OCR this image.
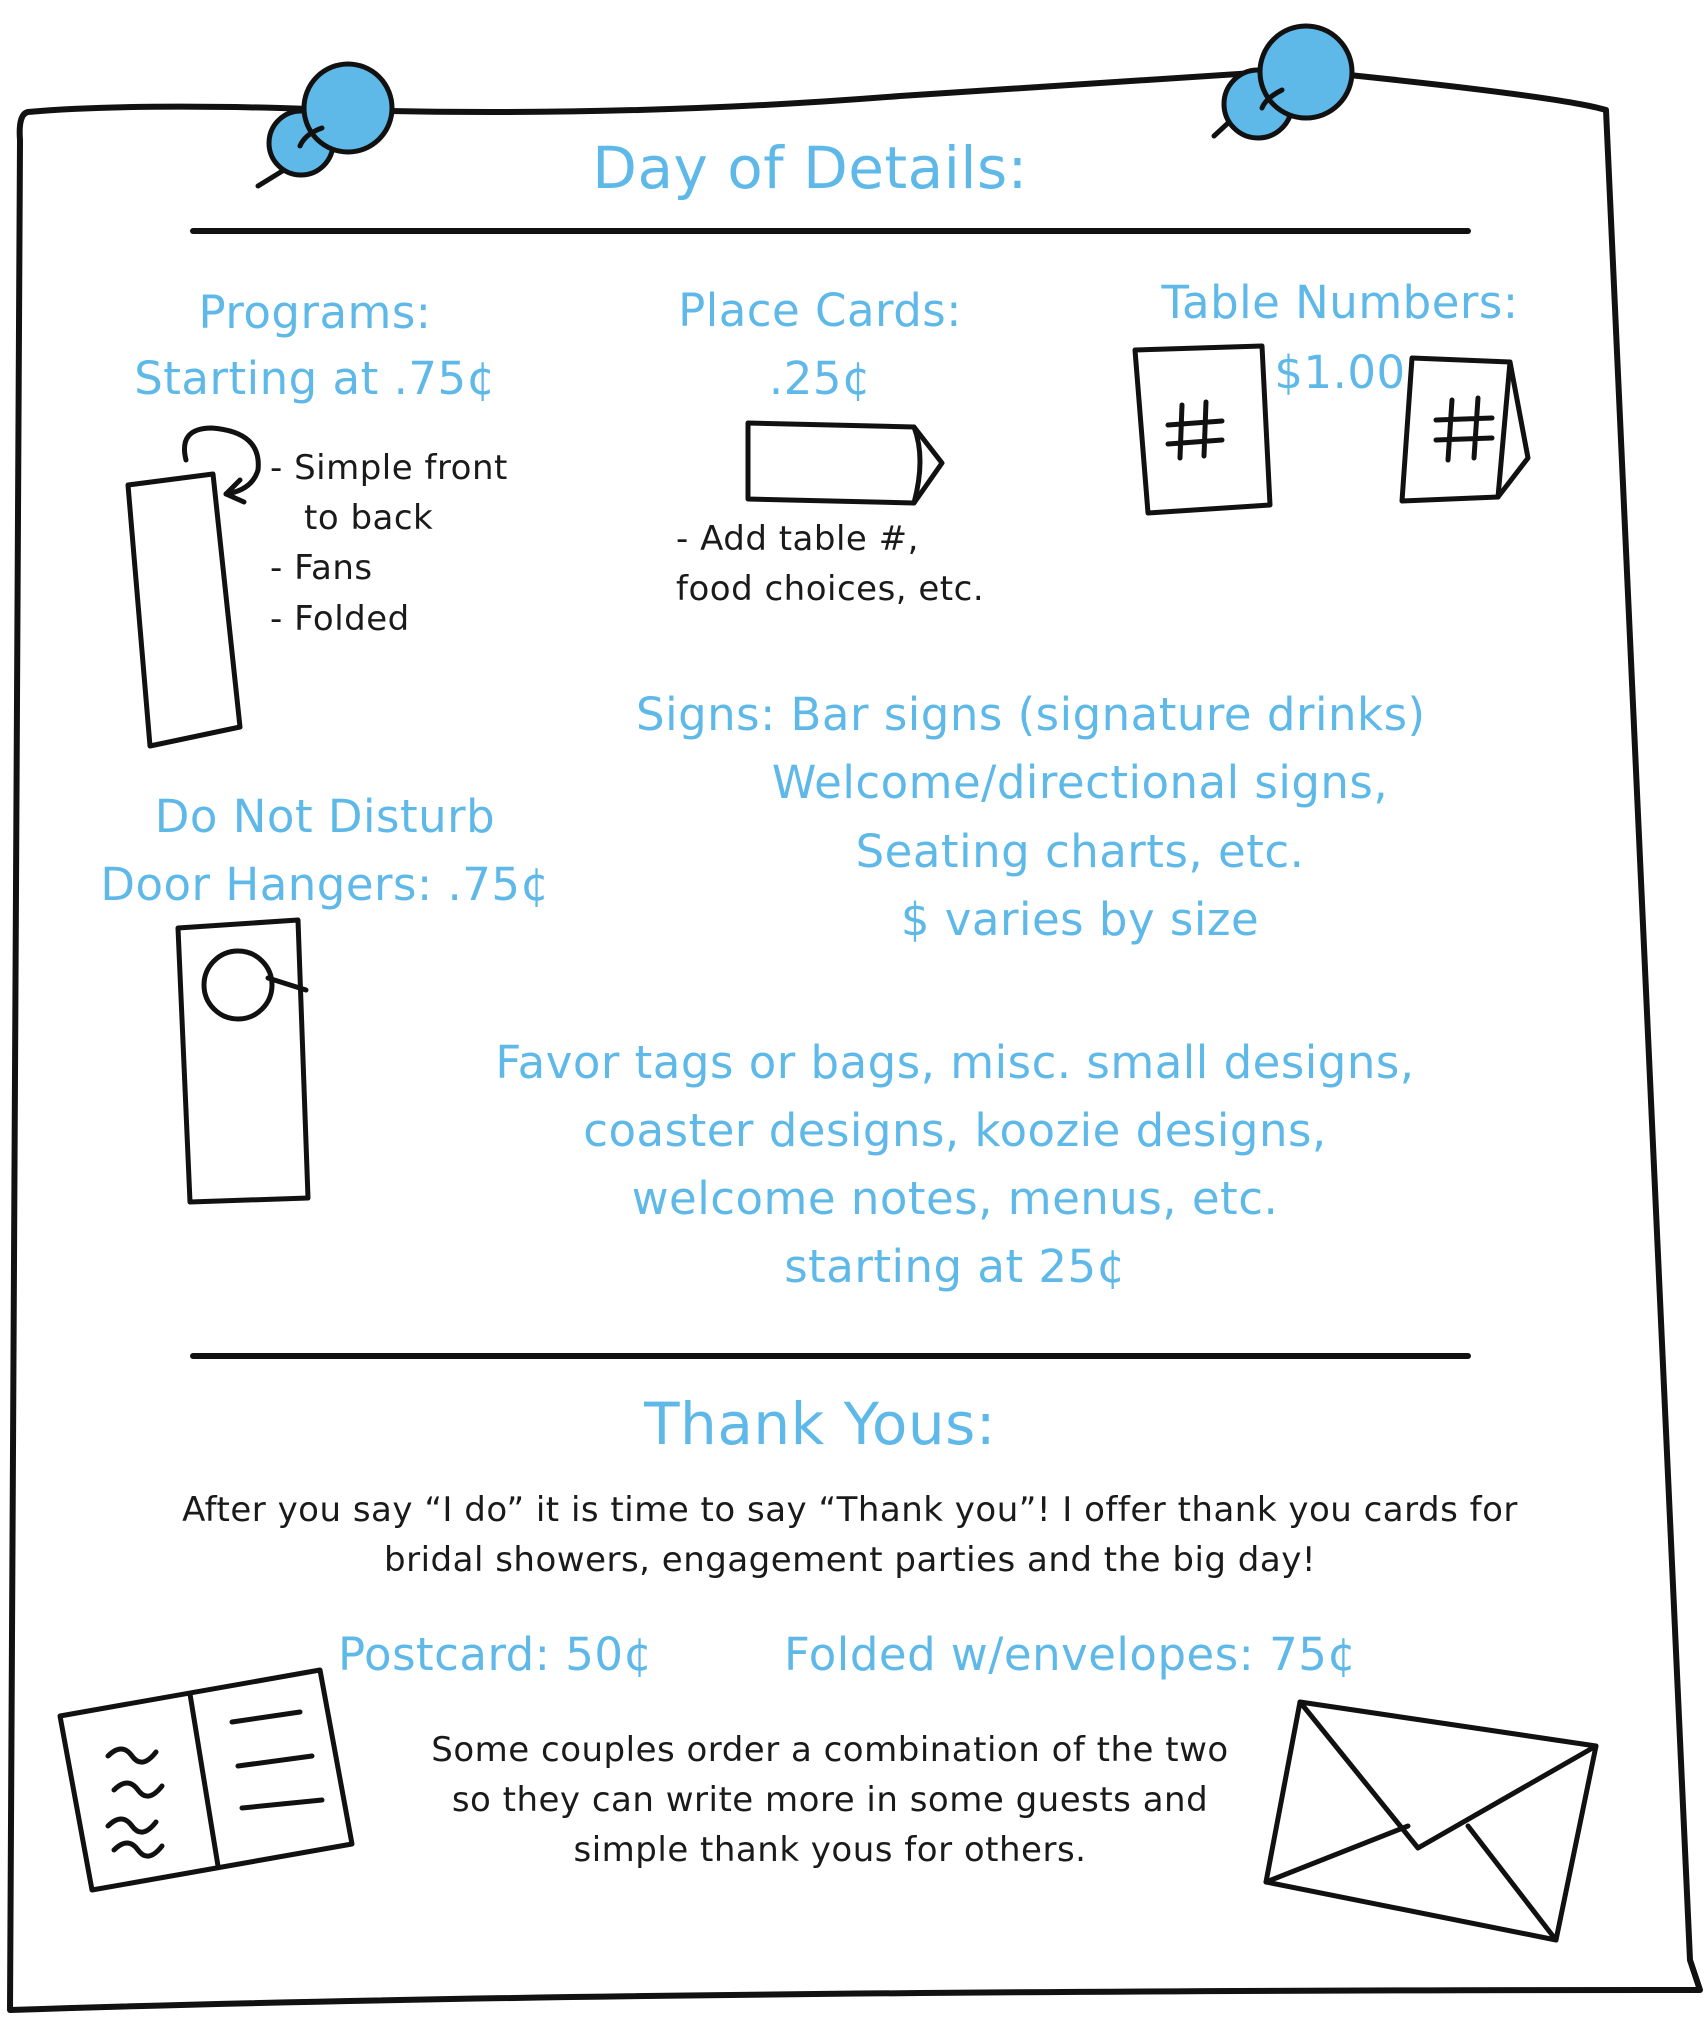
Day of Details:
Programs:
Starting at .75¢
- Simple front
to back
- Fans
- Folded
Place Cards:
.25¢
- Add table #,
food choices, etc.
Table Numbers:
$1.00
Signs: Bar signs (signature drinks)
Welcome/directional signs,
Seating charts, etc.
$ varies by size
Do Not Disturb
Door Hangers: .75¢
Favor tags or bags, misc. small designs,
coaster designs, koozie designs,
welcome notes, menus, etc.
starting at 25¢
Thank Yous:
After you say “I do” it is time to say “Thank you”! I offer thank you cards for
bridal showers, engagement parties and the big day!
Postcard: 50¢	Folded w/envelopes: 75¢
Some couples order a combination of the two
so they can write more in some guests and
simple thank yous for others.
